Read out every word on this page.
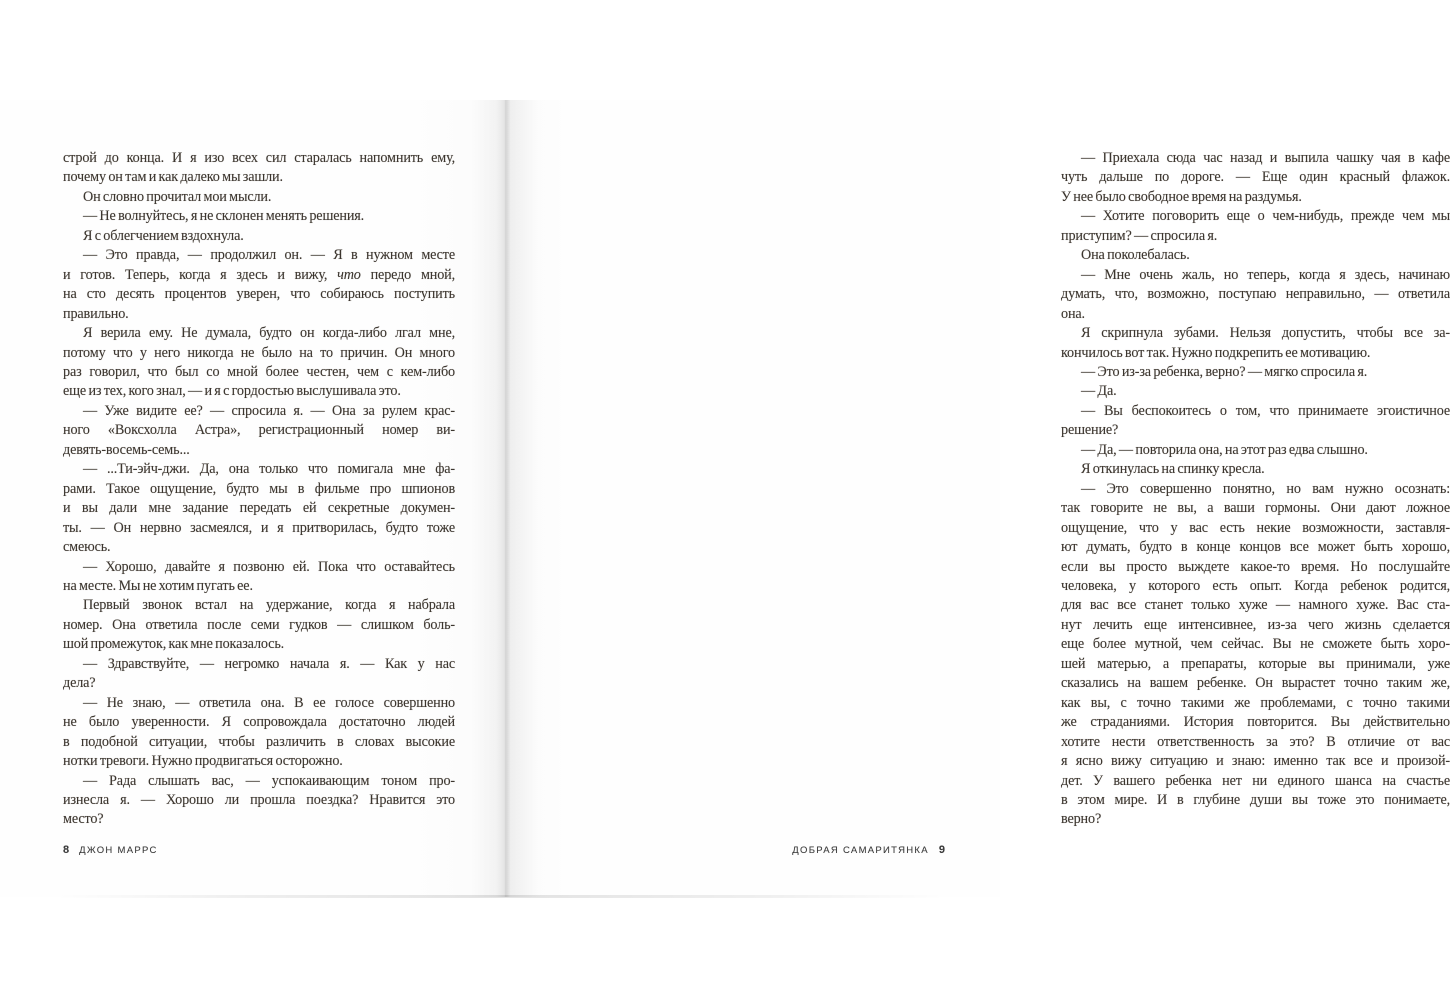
строй до конца. И я изо всех сил старалась напомнить ему,
почему он там и как далеко мы зашли.
Он словно прочитал мои мысли.
— Не волнуйтесь, я не склонен менять решения.
Я с облегчением вздохнула.
— Это правда, — продолжил он. — Я в нужном месте
и готов. Теперь, когда я здесь и вижу, что передо мной,
на сто десять процентов уверен, что собираюсь поступить
правильно.
Я верила ему. Не думала, будто он когда-либо лгал мне,
потому что у него никогда не было на то причин. Он много
раз говорил, что был со мной более честен, чем с кем-либо
еще из тех, кого знал, — и я с гордостью выслушивала это.
— Уже видите ее? — спросила я. — Она за рулем крас-
ного «Воксхолла Астра», регистрационный номер ви-
девять-восемь-семь...
— ...Ти-эйч-джи. Да, она только что помигала мне фа-
рами. Такое ощущение, будто мы в фильме про шпионов
и вы дали мне задание передать ей секретные докумен-
ты. — Он нервно засмеялся, и я притворилась, будто тоже
смеюсь.
— Хорошо, давайте я позвоню ей. Пока что оставайтесь
на месте. Мы не хотим пугать ее.
Первый звонок встал на удержание, когда я набрала
номер. Она ответила после семи гудков — слишком боль-
шой промежуток, как мне показалось.
— Здравствуйте, — негромко начала я. — Как у нас
дела?
— Не знаю, — ответила она. В ее голосе совершенно
не было уверенности. Я сопровождала достаточно людей
в подобной ситуации, чтобы различить в словах высокие
нотки тревоги. Нужно продвигаться осторожно.
— Рада слышать вас, — успокаивающим тоном про-
изнесла я. — Хорошо ли прошла поездка? Нравится это
место?
8 ДЖОН МАРРС
— Приехала сюда час назад и выпила чашку чая в кафе
чуть дальше по дороге. — Еще один красный флажок.
У нее было свободное время на раздумья.
— Хотите поговорить еще о чем-нибудь, прежде чем мы
приступим? — спросила я.
Она поколебалась.
— Мне очень жаль, но теперь, когда я здесь, начинаю
думать, что, возможно, поступаю неправильно, — ответила
она.
Я скрипнула зубами. Нельзя допустить, чтобы все за-
кончилось вот так. Нужно подкрепить ее мотивацию.
— Это из-за ребенка, верно? — мягко спросила я.
— Да.
— Вы беспокоитесь о том, что принимаете эгоистичное
решение?
— Да, — повторила она, на этот раз едва слышно.
Я откинулась на спинку кресла.
— Это совершенно понятно, но вам нужно осознать:
так говорите не вы, а ваши гормоны. Они дают ложное
ощущение, что у вас есть некие возможности, заставля-
ют думать, будто в конце концов все может быть хорошо,
если вы просто выждете какое-то время. Но послушайте
человека, у которого есть опыт. Когда ребенок родится,
для вас все станет только хуже — намного хуже. Вас ста-
нут лечить еще интенсивнее, из-за чего жизнь сделается
еще более мутной, чем сейчас. Вы не сможете быть хоро-
шей матерью, а препараты, которые вы принимали, уже
сказались на вашем ребенке. Он вырастет точно таким же,
как вы, с точно такими же проблемами, с точно такими
же страданиями. История повторится. Вы действительно
хотите нести ответственность за это? В отличие от вас
я ясно вижу ситуацию и знаю: именно так все и произой-
дет. У вашего ребенка нет ни единого шанса на счастье
в этом мире. И в глубине души вы тоже это понимаете,
верно?
ДОБРАЯ САМАРИТЯНКА 9
